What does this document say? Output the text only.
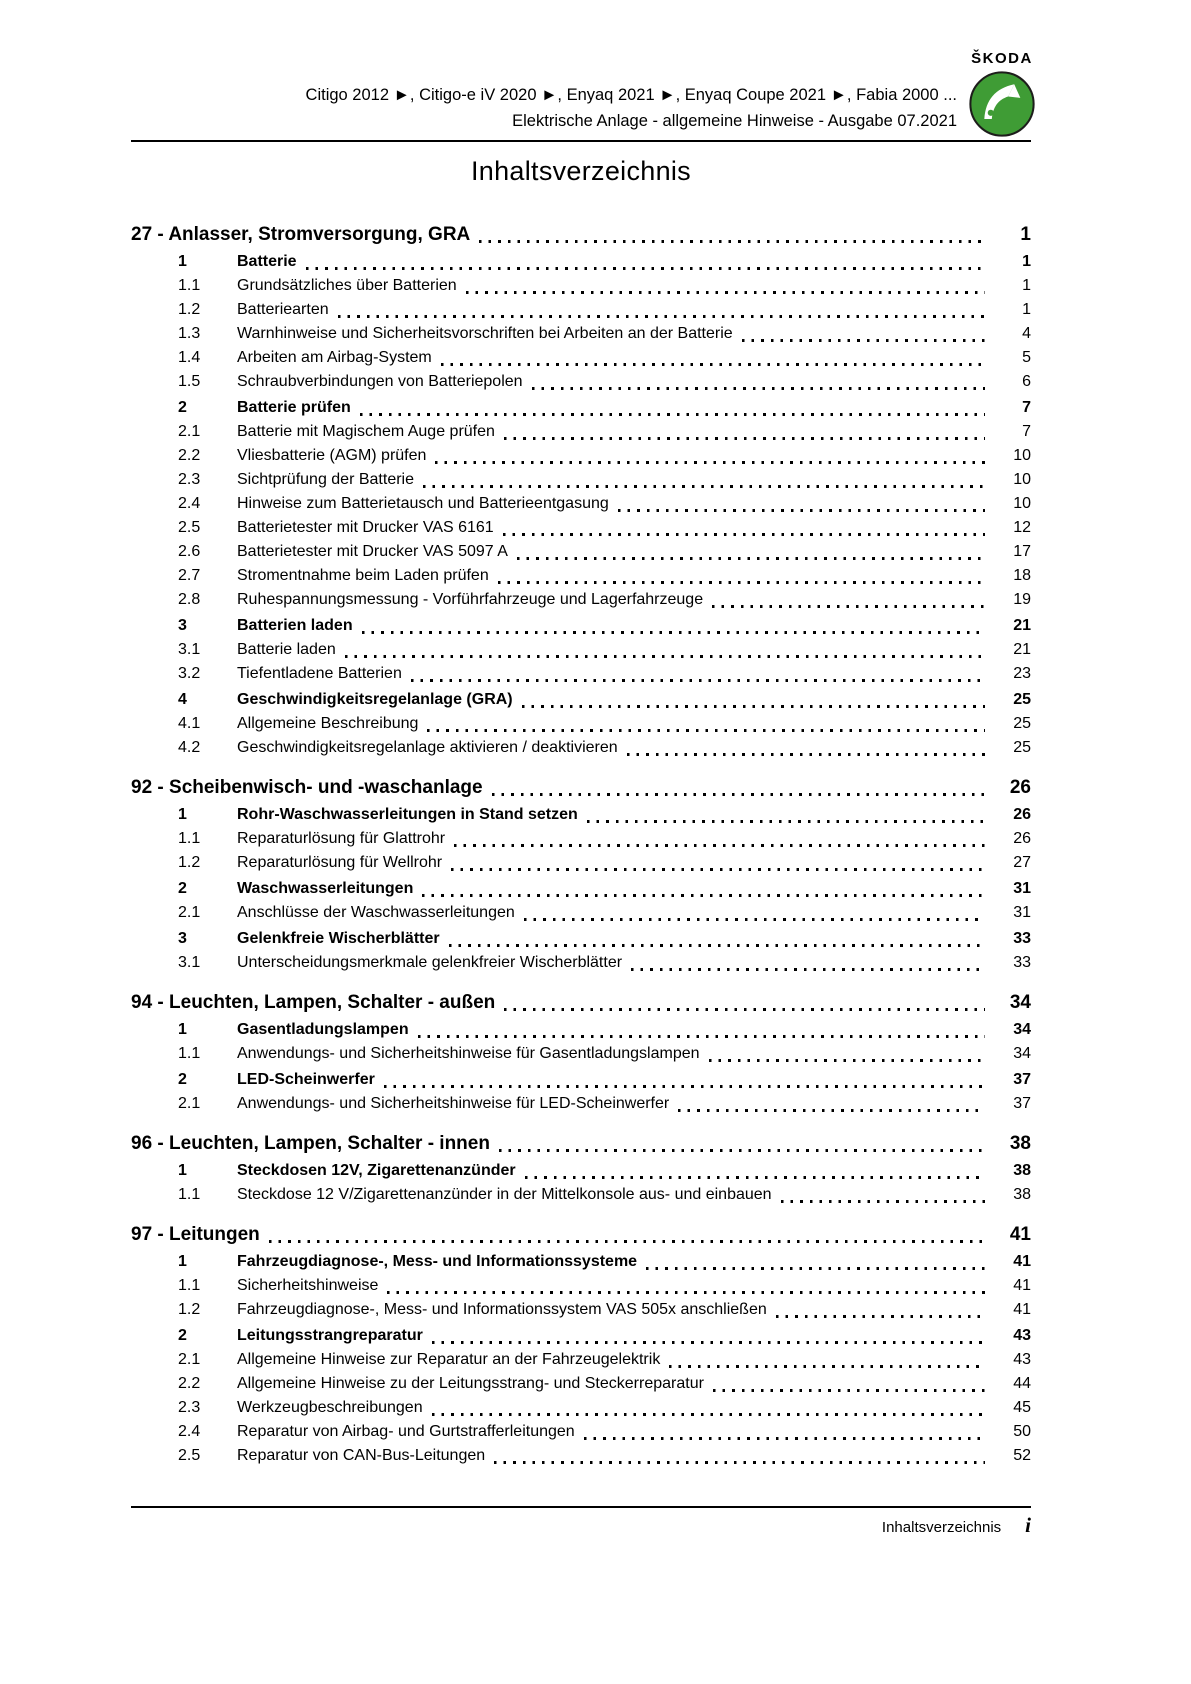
ŠKODA
Citigo 2012 ►, Citigo-e iV 2020 ►, Enyaq 2021 ►, Enyaq Coupe 2021 ►, Fabia 2000 ...
Elektrische Anlage - allgemeine Hinweise - Ausgabe 07.2021
Inhaltsverzeichnis
27 - Anlasser, Stromversorgung, GRA	1
1	Batterie	1
1.1	Grundsätzliches über Batterien	1
1.2	Batteriearten	1
1.3	Warnhinweise und Sicherheitsvorschriften bei Arbeiten an der Batterie	4
1.4	Arbeiten am Airbag-System	5
1.5	Schraubverbindungen von Batteriepolen	6
2	Batterie prüfen	7
2.1	Batterie mit Magischem Auge prüfen	7
2.2	Vliesbatterie (AGM) prüfen	10
2.3	Sichtprüfung der Batterie	10
2.4	Hinweise zum Batterietausch und Batterieentgasung	10
2.5	Batterietester mit Drucker VAS 6161	12
2.6	Batterietester mit Drucker VAS 5097 A	17
2.7	Stromentnahme beim Laden prüfen	18
2.8	Ruhespannungsmessung - Vorführfahrzeuge und Lagerfahrzeuge	19
3	Batterien laden	21
3.1	Batterie laden	21
3.2	Tiefentladene Batterien	23
4	Geschwindigkeitsregelanlage (GRA)	25
4.1	Allgemeine Beschreibung	25
4.2	Geschwindigkeitsregelanlage aktivieren / deaktivieren	25
92 - Scheibenwisch- und -waschanlage	26
1	Rohr-Waschwasserleitungen in Stand setzen	26
1.1	Reparaturlösung für Glattrohr	26
1.2	Reparaturlösung für Wellrohr	27
2	Waschwasserleitungen	31
2.1	Anschlüsse der Waschwasserleitungen	31
3	Gelenkfreie Wischerblätter	33
3.1	Unterscheidungsmerkmale gelenkfreier Wischerblätter	33
94 - Leuchten, Lampen, Schalter - außen	34
1	Gasentladungslampen	34
1.1	Anwendungs- und Sicherheitshinweise für Gasentladungslampen	34
2	LED-Scheinwerfer	37
2.1	Anwendungs- und Sicherheitshinweise für LED-Scheinwerfer	37
96 - Leuchten, Lampen, Schalter - innen	38
1	Steckdosen 12V, Zigarettenanzünder	38
1.1	Steckdose 12 V/Zigarettenanzünder in der Mittelkonsole aus- und einbauen	38
97 - Leitungen	41
1	Fahrzeugdiagnose-, Mess- und Informationssysteme	41
1.1	Sicherheitshinweise	41
1.2	Fahrzeugdiagnose-, Mess- und Informationssystem VAS 505x anschließen	41
2	Leitungsstrangreparatur	43
2.1	Allgemeine Hinweise zur Reparatur an der Fahrzeugelektrik	43
2.2	Allgemeine Hinweise zu der Leitungsstrang- und Steckerreparatur	44
2.3	Werkzeugbeschreibungen	45
2.4	Reparatur von Airbag- und Gurtstrafferleitungen	50
2.5	Reparatur von CAN-Bus-Leitungen	52
Inhaltsverzeichnis i
